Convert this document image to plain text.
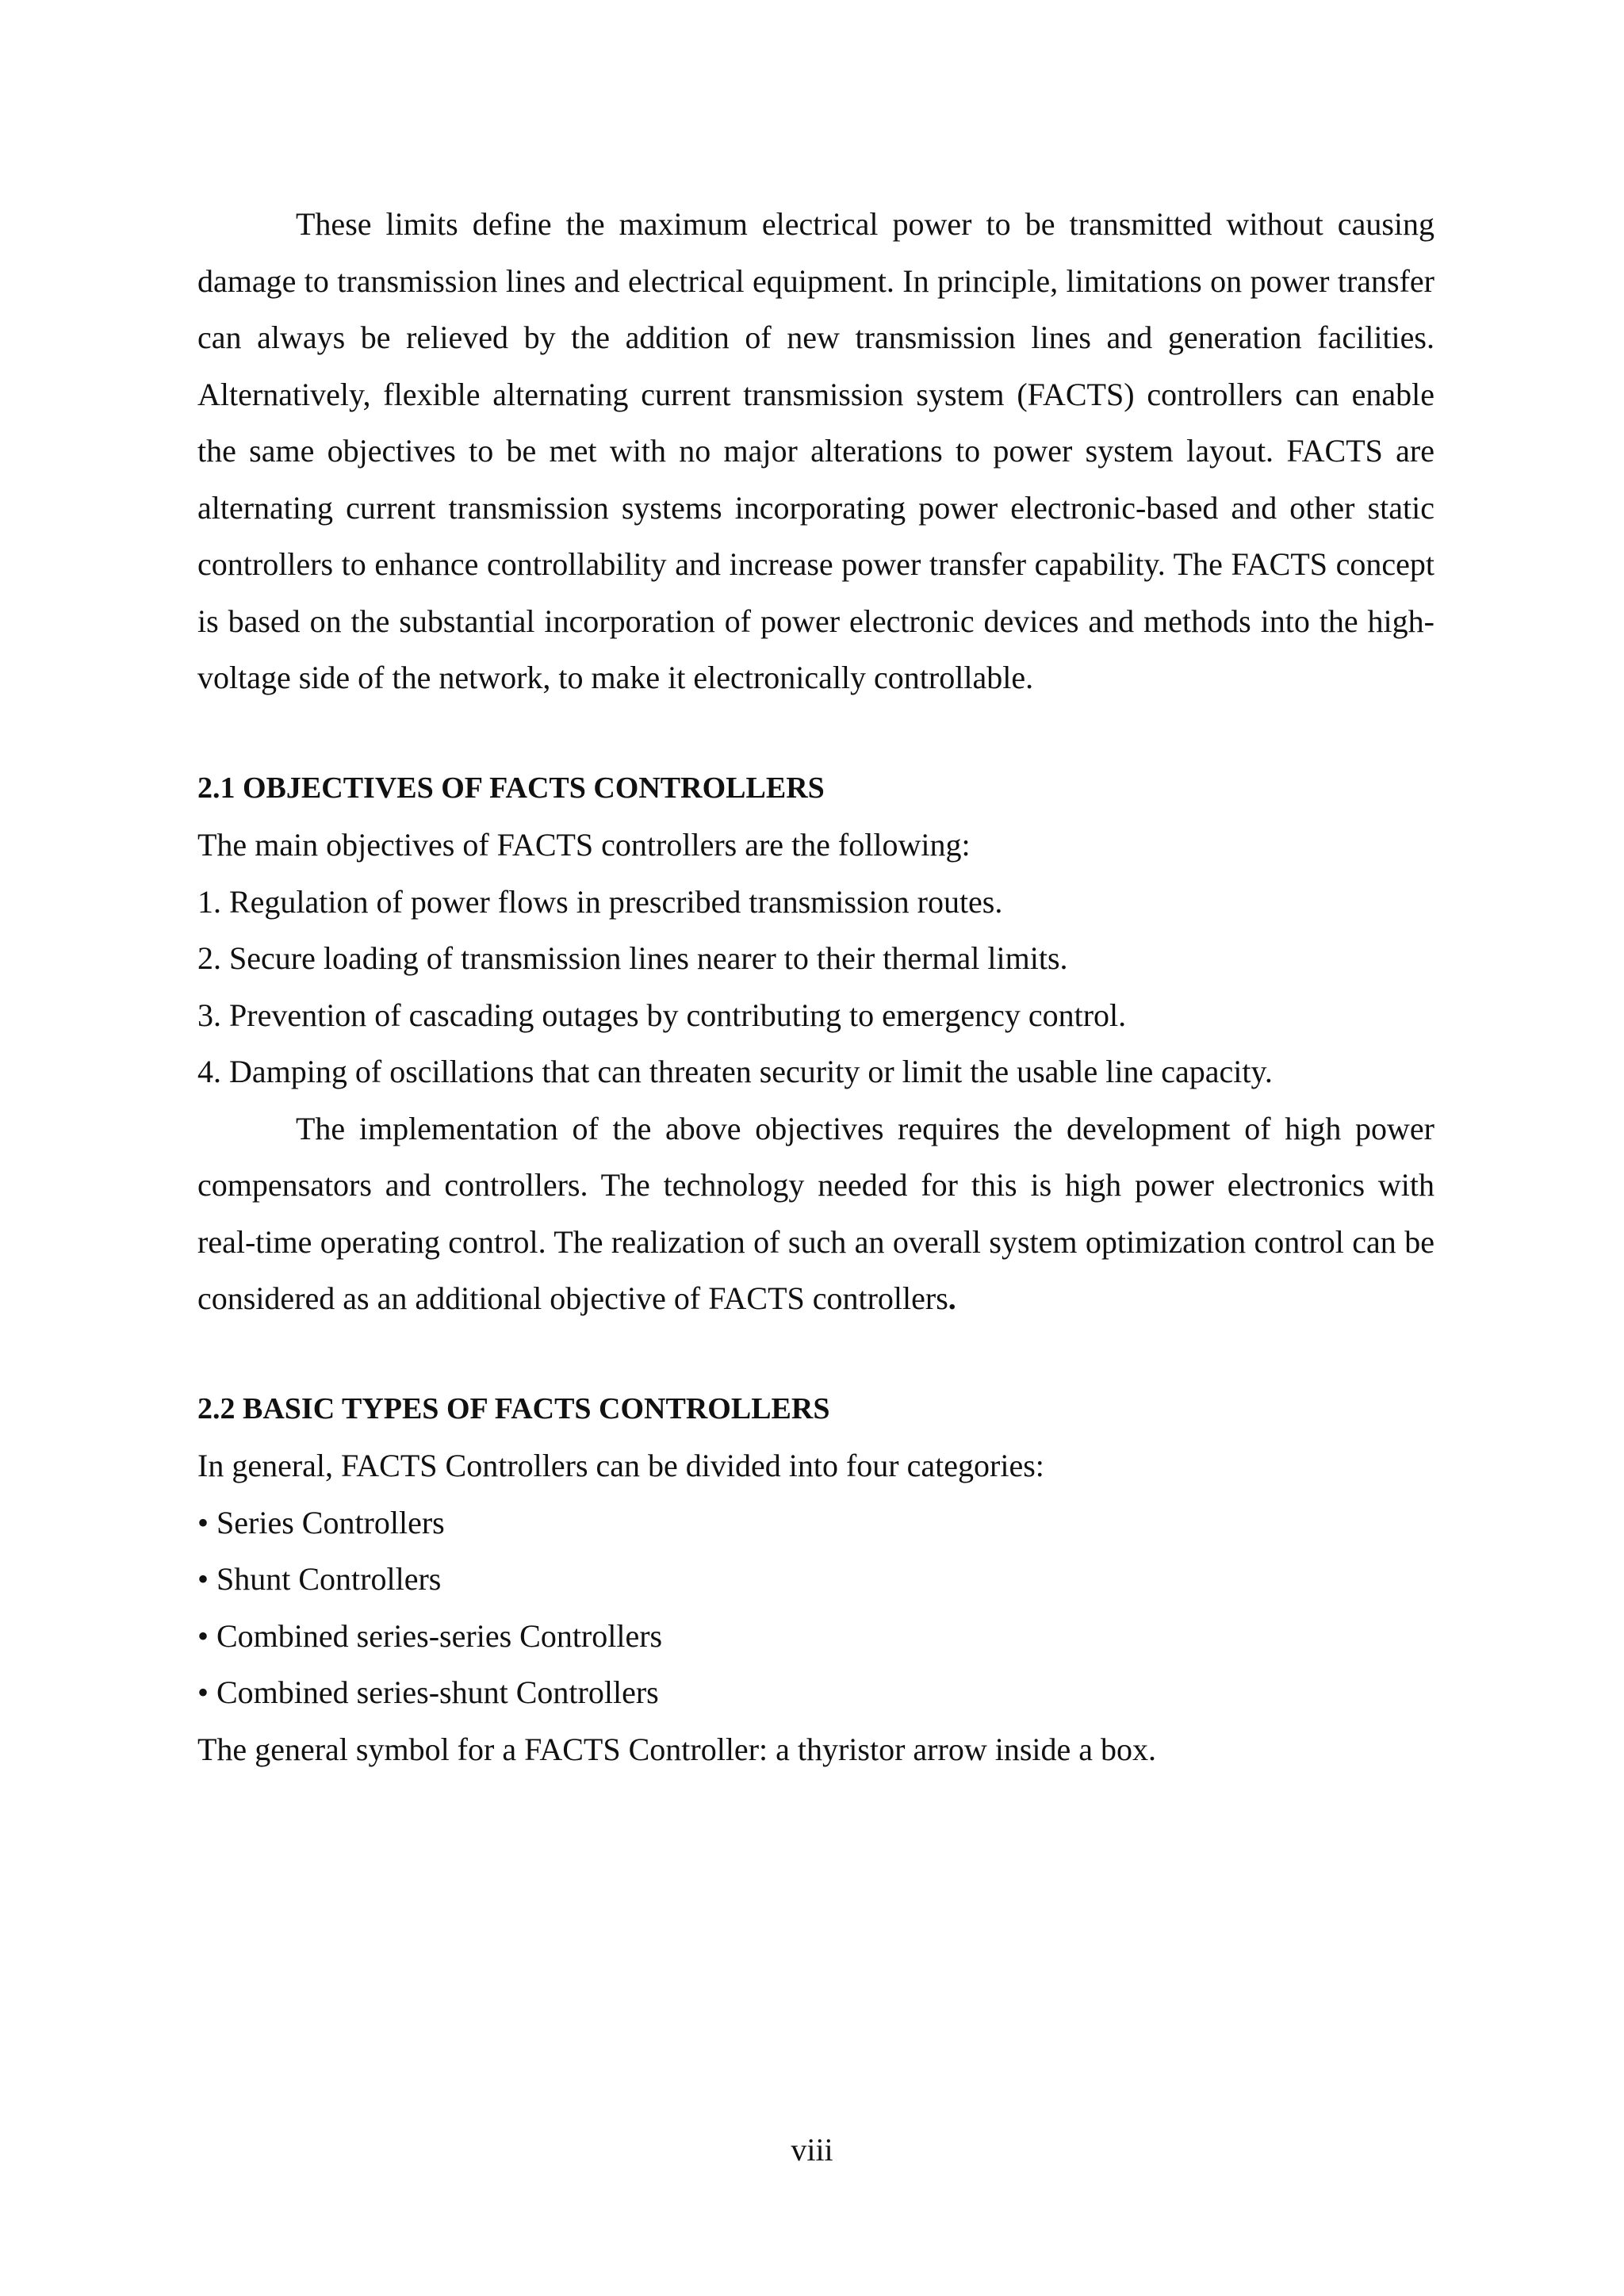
These limits define the maximum electrical power to be transmitted without causing damage to transmission lines and electrical equipment. In principle, limitations on power transfer can always be relieved by the addition of new transmission lines and generation facilities. Alternatively, flexible alternating current transmission system (FACTS) controllers can enable the same objectives to be met with no major alterations to power system layout. FACTS are alternating current transmission systems incorporating power electronic-based and other static controllers to enhance controllability and increase power transfer capability. The FACTS concept is based on the substantial incorporation of power electronic devices and methods into the high-voltage side of the network, to make it electronically controllable.

2.1 OBJECTIVES OF FACTS CONTROLLERS

The main objectives of FACTS controllers are the following:

1. Regulation of power flows in prescribed transmission routes.

2. Secure loading of transmission lines nearer to their thermal limits.

3. Prevention of cascading outages by contributing to emergency control.

4. Damping of oscillations that can threaten security or limit the usable line capacity.

The implementation of the above objectives requires the development of high power compensators and controllers. The technology needed for this is high power electronics with real-time operating control. The realization of such an overall system optimization control can be considered as an additional objective of FACTS controllers.

2.2 BASIC TYPES OF FACTS CONTROLLERS

In general, FACTS Controllers can be divided into four categories:

• Series Controllers

• Shunt Controllers

• Combined series-series Controllers

• Combined series-shunt Controllers

The general symbol for a FACTS Controller: a thyristor arrow inside a box.

viii
